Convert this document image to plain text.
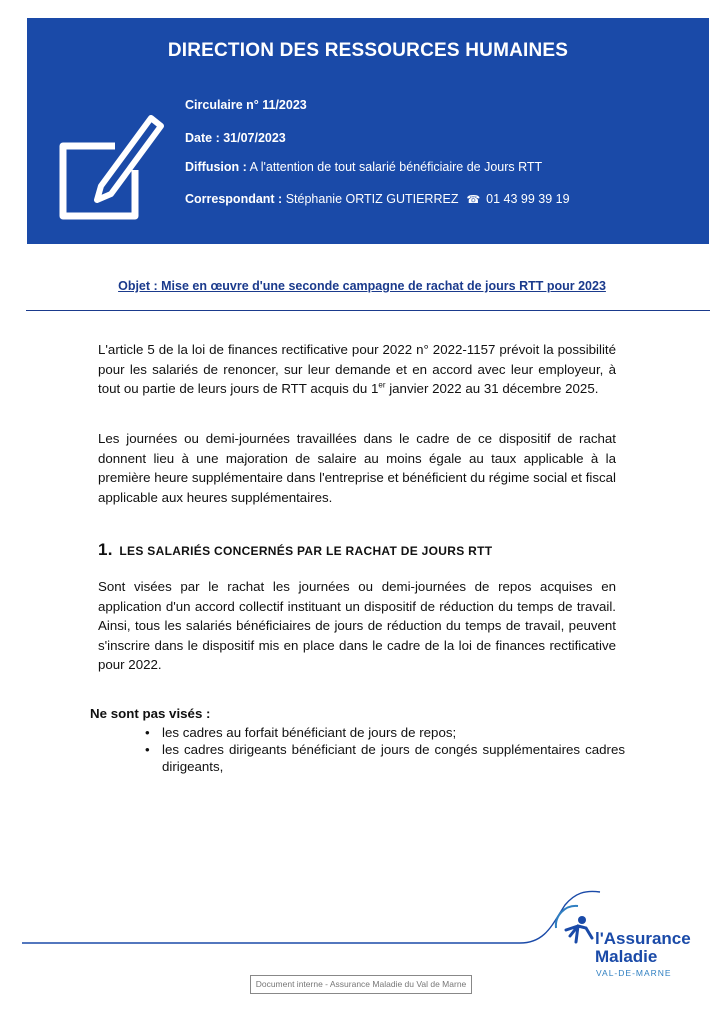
DIRECTION DES RESSOURCES HUMAINES
Circulaire n° 11/2023
Date : 31/07/2023
Diffusion : A l'attention de tout salarié bénéficiaire de Jours RTT
Correspondant : Stéphanie ORTIZ GUTIERREZ ☎ 01 43 99 39 19
Objet : Mise en œuvre d'une seconde campagne de rachat de jours RTT pour 2023

L'article 5 de la loi de finances rectificative pour 2022 n° 2022-1157 prévoit la possibilité pour les salariés de renoncer, sur leur demande et en accord avec leur employeur, à tout ou partie de leurs jours de RTT acquis du 1er janvier 2022 au 31 décembre 2025.

Les journées ou demi-journées travaillées dans le cadre de ce dispositif de rachat donnent lieu à une majoration de salaire au moins égale au taux applicable à la première heure supplémentaire dans l'entreprise et bénéficient du régime social et fiscal applicable aux heures supplémentaires.

1. LES SALARIÉS CONCERNÉS PAR LE RACHAT DE JOURS RTT

Sont visées par le rachat les journées ou demi-journées de repos acquises en application d'un accord collectif instituant un dispositif de réduction du temps de travail. Ainsi, tous les salariés bénéficiaires de jours de réduction du temps de travail, peuvent s'inscrire dans le dispositif mis en place dans le cadre de la loi de finances rectificative pour 2022.

Ne sont pas visés :
• les cadres au forfait bénéficiant de jours de repos;
• les cadres dirigeants bénéficiant de jours de congés supplémentaires cadres dirigeants,
l'Assurance
Maladie
VAL-DE-MARNE
Document interne - Assurance Maladie du Val de Marne
